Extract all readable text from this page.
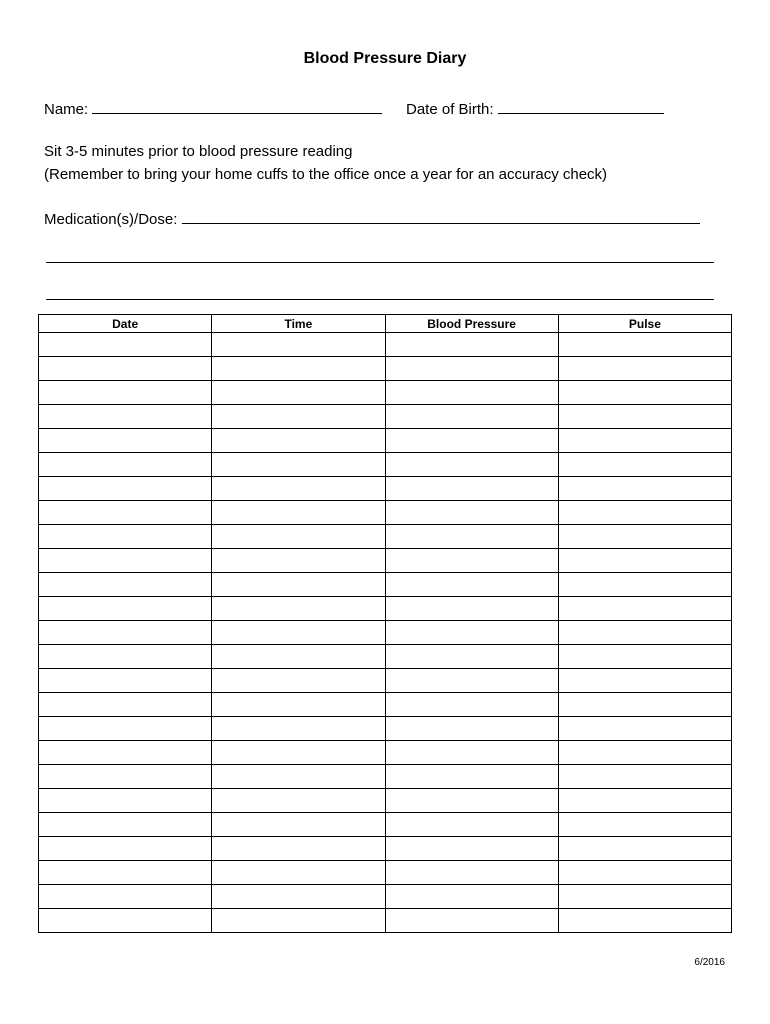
Blood Pressure Diary
Name:	Date of Birth:
Sit 3-5 minutes prior to blood pressure reading
(Remember to bring your home cuffs to the office once a year for an accuracy check)
Medication(s)/Dose:
Date	Time	Blood Pressure	Pulse

6/2016
